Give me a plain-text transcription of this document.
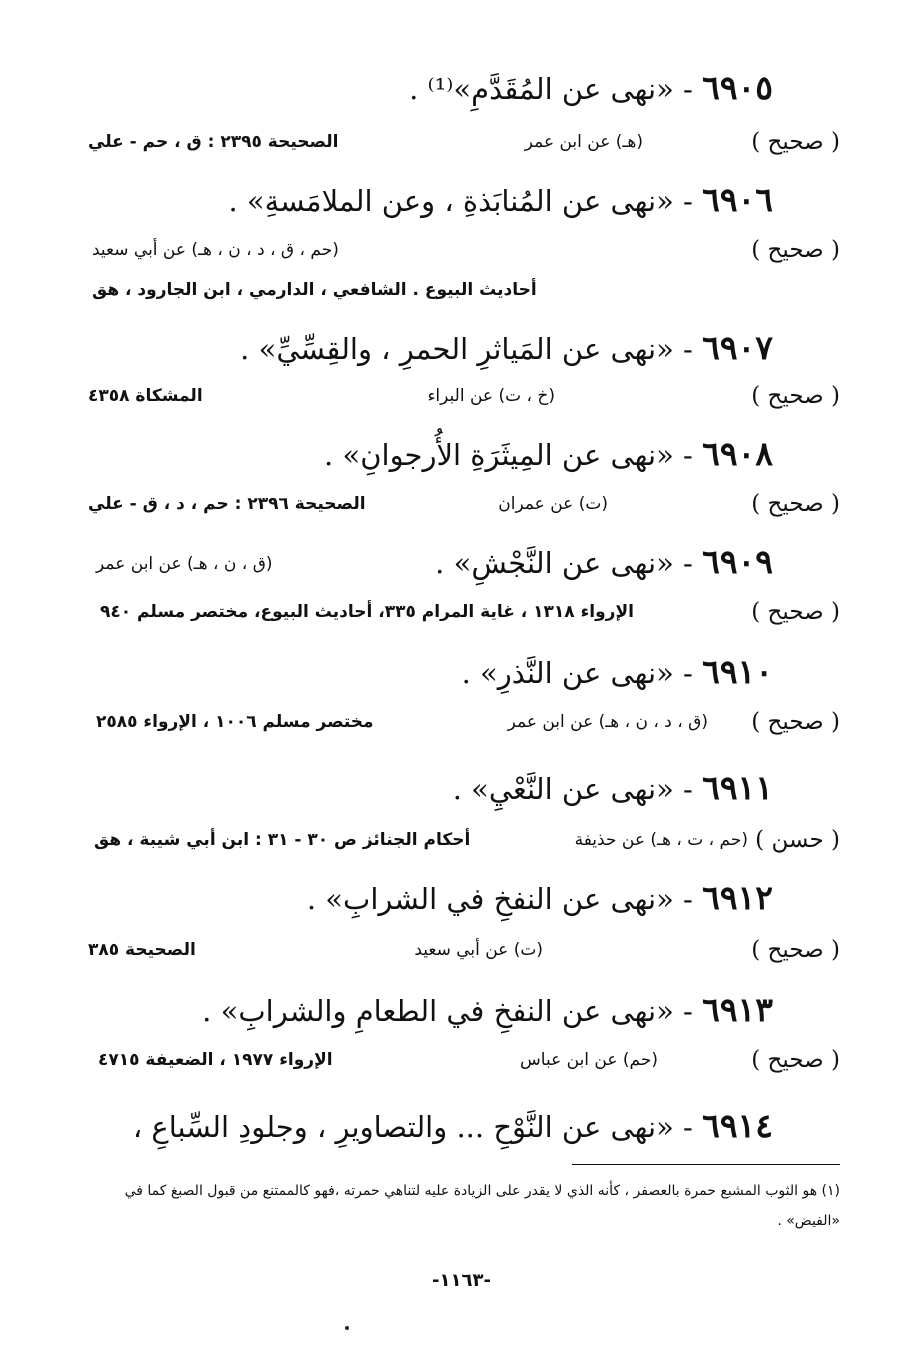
٦٩٠٥ - «نهى عن المُقَدَّمِ»⁽¹⁾ .
( صحيح )
(هـ) عن ابن عمر
الصحيحة ٢٣٩٥ : ق ، حم - علي
٦٩٠٦ - «نهى عن المُنابَذةِ ، وعن الملامَسةِ» .
( صحيح )
(حم ، ق ، د ، ن ، هـ) عن أبي سعيد
أحاديث البيوع . الشافعي ، الدارمي ، ابن الجارود ، هق
٦٩٠٧ - «نهى عن المَياثرِ الحمرِ ، والقِسِّيِّ» .
( صحيح )
(خ ، ت) عن البراء
المشكاة ٤٣٥٨
٦٩٠٨ - «نهى عن المِيثَرَةِ الأُرجوانِ» .
( صحيح )
(ت) عن عمران
الصحيحة ٢٣٩٦ : حم ، د ، ق - علي
٦٩٠٩ - «نهى عن النَّجْشِ» .
(ق ، ن ، هـ) عن ابن عمر
( صحيح )
الإرواء ١٣١٨ ، غاية المرام ٣٣٥، أحاديث البيوع، مختصر مسلم ٩٤٠
٦٩١٠ - «نهى عن النَّذرِ» .
( صحيح )
(ق ، د ، ن ، هـ) عن ابن عمر
مختصر مسلم ١٠٠٦ ، الإرواء ٢٥٨٥
٦٩١١ - «نهى عن النَّعْيِ» .
( حسن )
(حم ، ت ، هـ) عن حذيفة
أحكام الجنائز ص ٣٠ - ٣١ : ابن أبي شيبة ، هق
٦٩١٢ - «نهى عن النفخِ في الشرابِ» .
( صحيح )
(ت) عن أبي سعيد
الصحيحة ٣٨٥
٦٩١٣ - «نهى عن النفخِ في الطعامِ والشرابِ» .
( صحيح )
(حم) عن ابن عباس
الإرواء ١٩٧٧ ، الضعيفة ٤٧١٥
٦٩١٤ - «نهى عن النَّوْحِ ... والتصاويرِ ، وجلودِ السِّباعِ ،
(١) هو الثوب المشبع حمرة بالعصفر ، كأنه الذي لا يقدر على الزيادة عليه لتناهي حمرته ،فهو كالممتنع من قبول الصبغ كما في «الفيض» .
-١١٦٣-
